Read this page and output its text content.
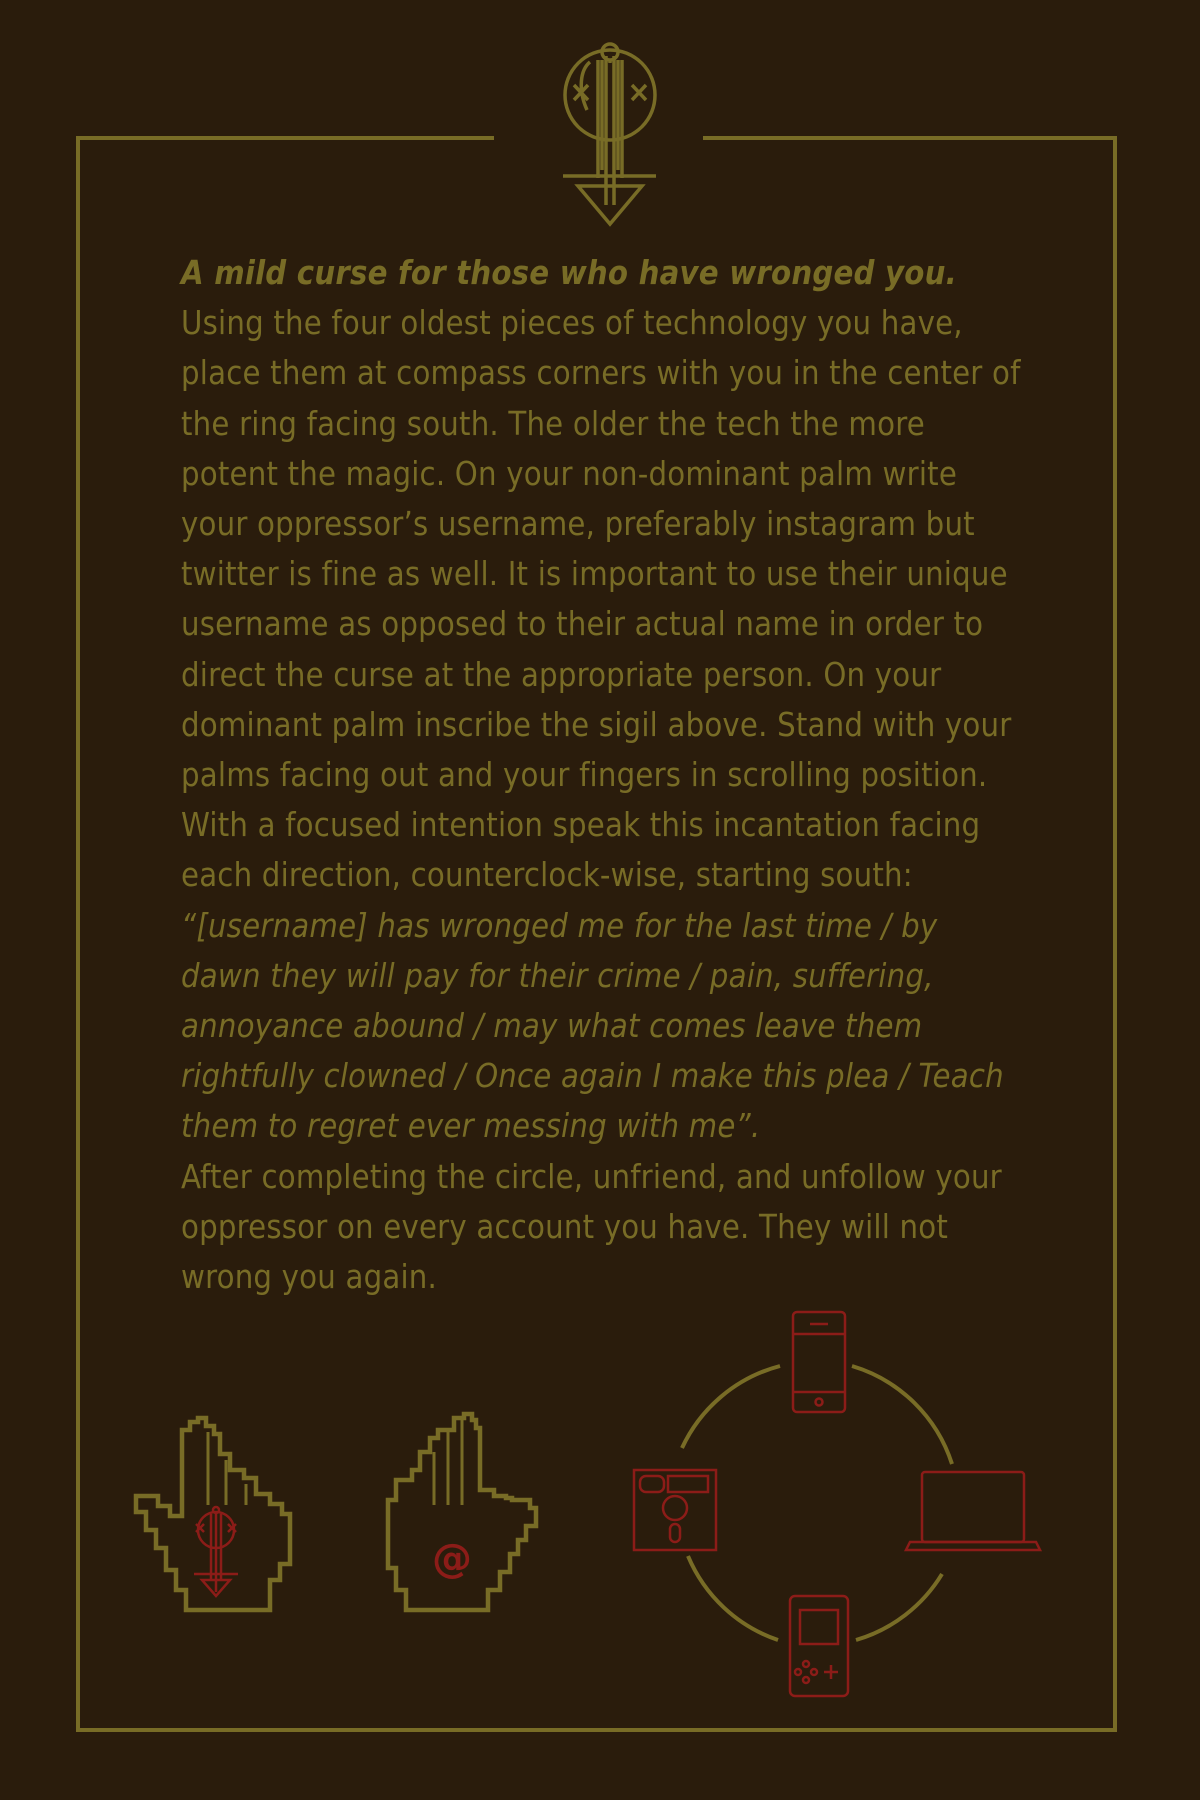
A mild curse for those who have wronged you.

Using the four oldest pieces of technology you have, place them at compass corners with you in the center of the ring facing south. The older the tech the more potent the magic. On your non-dominant palm write your oppressor’s username, preferably instagram but twitter is fine as well. It is important to use their unique username as opposed to their actual name in order to direct the curse at the appropriate person. On your dominant palm inscribe the sigil above. Stand with your palms facing out and your fingers in scrolling position. With a focused intention speak this incantation facing each direction, counterclock-wise, starting south: “[username] has wronged me for the last time / by dawn they will pay for their crime / pain, suffering, annoyance abound / may what comes leave them rightfully clowned / Once again I make this plea / Teach them to regret ever messing with me”.

After completing the circle, unfriend, and unfollow your oppressor on every account you have. They will not wrong you again.

@
